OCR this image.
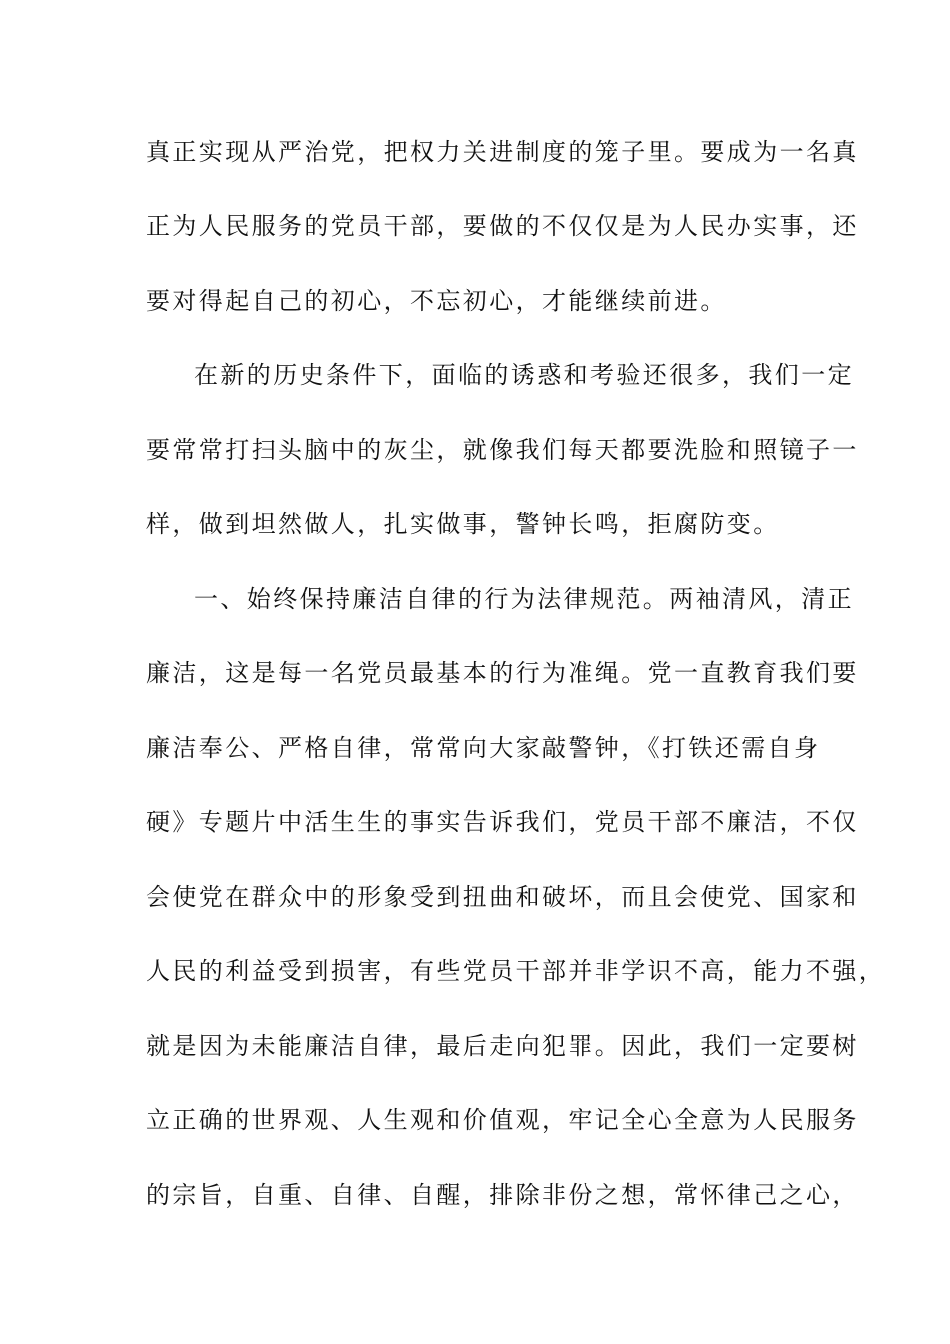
真正实现从严治党，把权力关进制度的笼子里。要成为一名真
正为人民服务的党员干部，要做的不仅仅是为人民办实事，还
要对得起自己的初心，不忘初心，才能继续前进。
在新的历史条件下，面临的诱惑和考验还很多，我们一定
要常常打扫头脑中的灰尘，就像我们每天都要洗脸和照镜子一
样，做到坦然做人，扎实做事，警钟长鸣，拒腐防变。
一、始终保持廉洁自律的行为法律规范。两袖清风，清正
廉洁，这是每一名党员最基本的行为准绳。党一直教育我们要
廉洁奉公、严格自律，常常向大家敲警钟，《打铁还需自身
硬》专题片中活生生的事实告诉我们，党员干部不廉洁，不仅
会使党在群众中的形象受到扭曲和破坏，而且会使党、国家和
人民的利益受到损害，有些党员干部并非学识不高，能力不强，
就是因为未能廉洁自律，最后走向犯罪。因此，我们一定要树
立正确的世界观、人生观和价值观，牢记全心全意为人民服务
的宗旨，自重、自律、自醒，排除非份之想，常怀律己之心，
